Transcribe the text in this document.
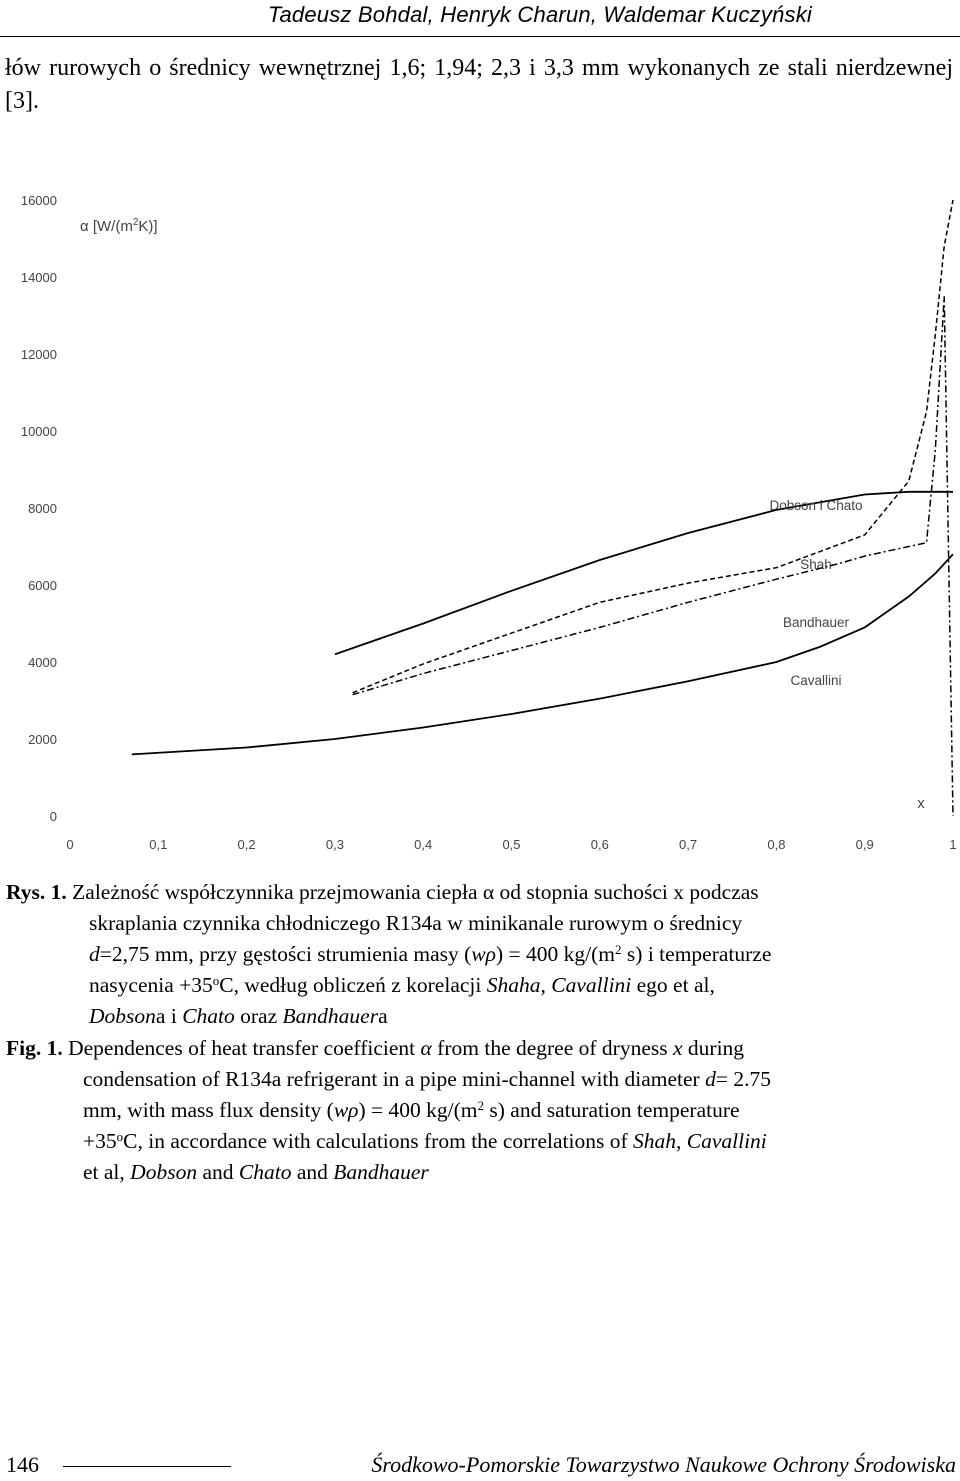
Tadeusz Bohdal, Henryk Charun, Waldemar Kuczyński
łów rurowych o średnicy wewnętrznej 1,6; 1,94; 2,3 i 3,3 mm wykonanych ze stali nierdzewnej [3].
0
2000
4000
6000
8000
10000
12000
14000
16000
0	0,1	0,2	0,3	0,4	0,5	0,6	0,7	0,8	0,9	1
α $[W/(m^2K)]$
x
Dobson i Chato
Shah
Bandhauer
Cavallini
Rys. 1. Zależność współczynnika przejmowania ciepła α od stopnia suchości x podczas
skraplania czynnika chłodniczego R134a w minikanale rurowym o średnicy
d=2,75 mm, przy gęstości strumienia masy (wρ) = 400 $kg/(m^2$ s) i temperaturze
nasycenia $+35^oC$, według obliczeń z korelacji Shaha, Cavallini ego et al,
Dobsona i Chato oraz Bandhauera
Fig. 1. Dependences of heat transfer coefficient α from the degree of dryness x during
condensation of R134a refrigerant in a pipe mini-channel with diameter d= 2.75
mm, with mass flux density (wρ) = 400 $kg/(m^2$ s) and saturation temperature
$+35^oC$, in accordance with calculations from the correlations of Shah, Cavallini
et al, Dobson and Chato and Bandhauer
146	Środkowo-Pomorskie Towarzystwo Naukowe Ochrony Środowiska
